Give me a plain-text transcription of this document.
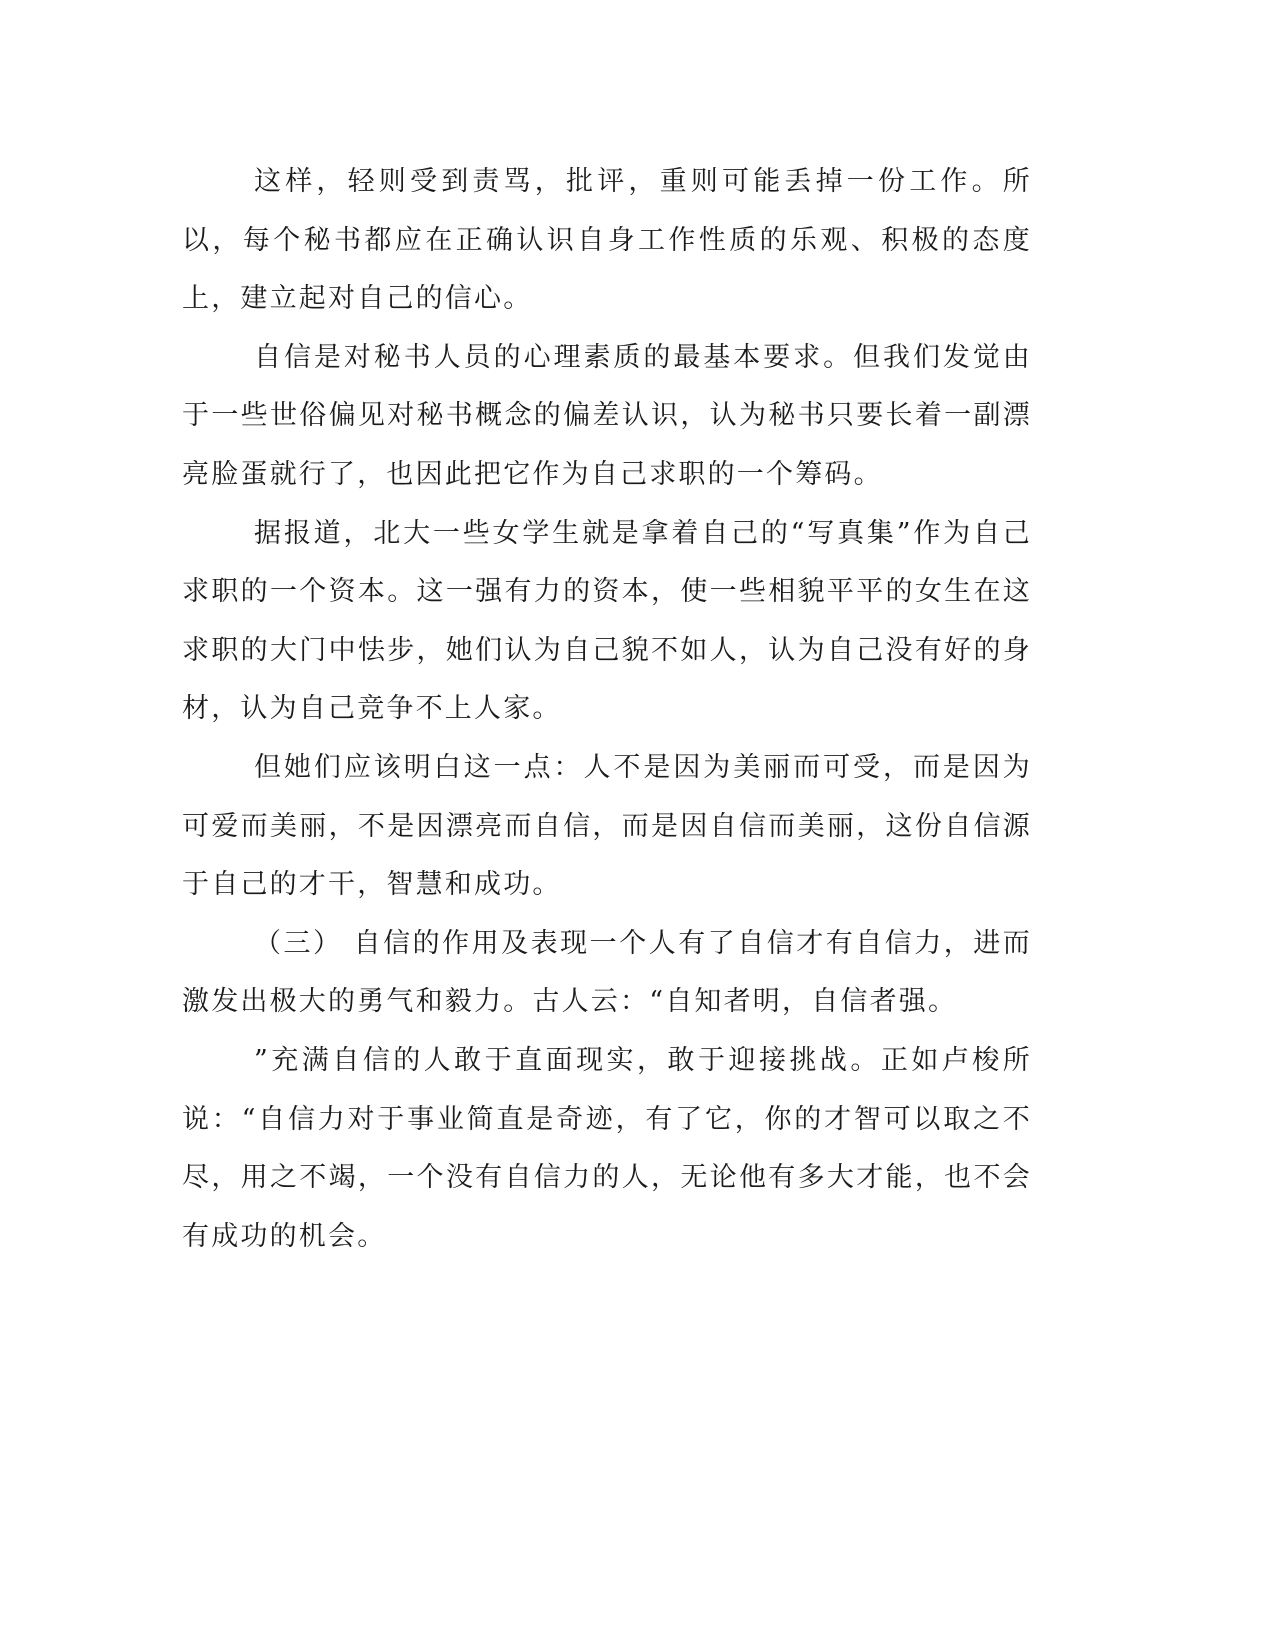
这样，轻则受到责骂，批评，重则可能丢掉一份工作。所以，每个秘书都应在正确认识自身工作性质的乐观、积极的态度上，建立起对自己的信心。

自信是对秘书人员的心理素质的最基本要求。但我们发觉由于一些世俗偏见对秘书概念的偏差认识，认为秘书只要长着一副漂亮脸蛋就行了，也因此把它作为自己求职的一个筹码。

据报道，北大一些女学生就是拿着自己的“写真集”作为自己求职的一个资本。这一强有力的资本，使一些相貌平平的女生在这求职的大门中怯步，她们认为自己貌不如人，认为自己没有好的身材，认为自己竞争不上人家。

但她们应该明白这一点：人不是因为美丽而可受，而是因为可爱而美丽，不是因漂亮而自信，而是因自信而美丽，这份自信源于自己的才干，智慧和成功。

（三） 自信的作用及表现一个人有了自信才有自信力，进而激发出极大的勇气和毅力。古人云：“自知者明，自信者强。

”充满自信的人敢于直面现实，敢于迎接挑战。正如卢梭所说：“自信力对于事业简直是奇迹，有了它，你的才智可以取之不尽，用之不竭，一个没有自信力的人，无论他有多大才能，也不会有成功的机会。
